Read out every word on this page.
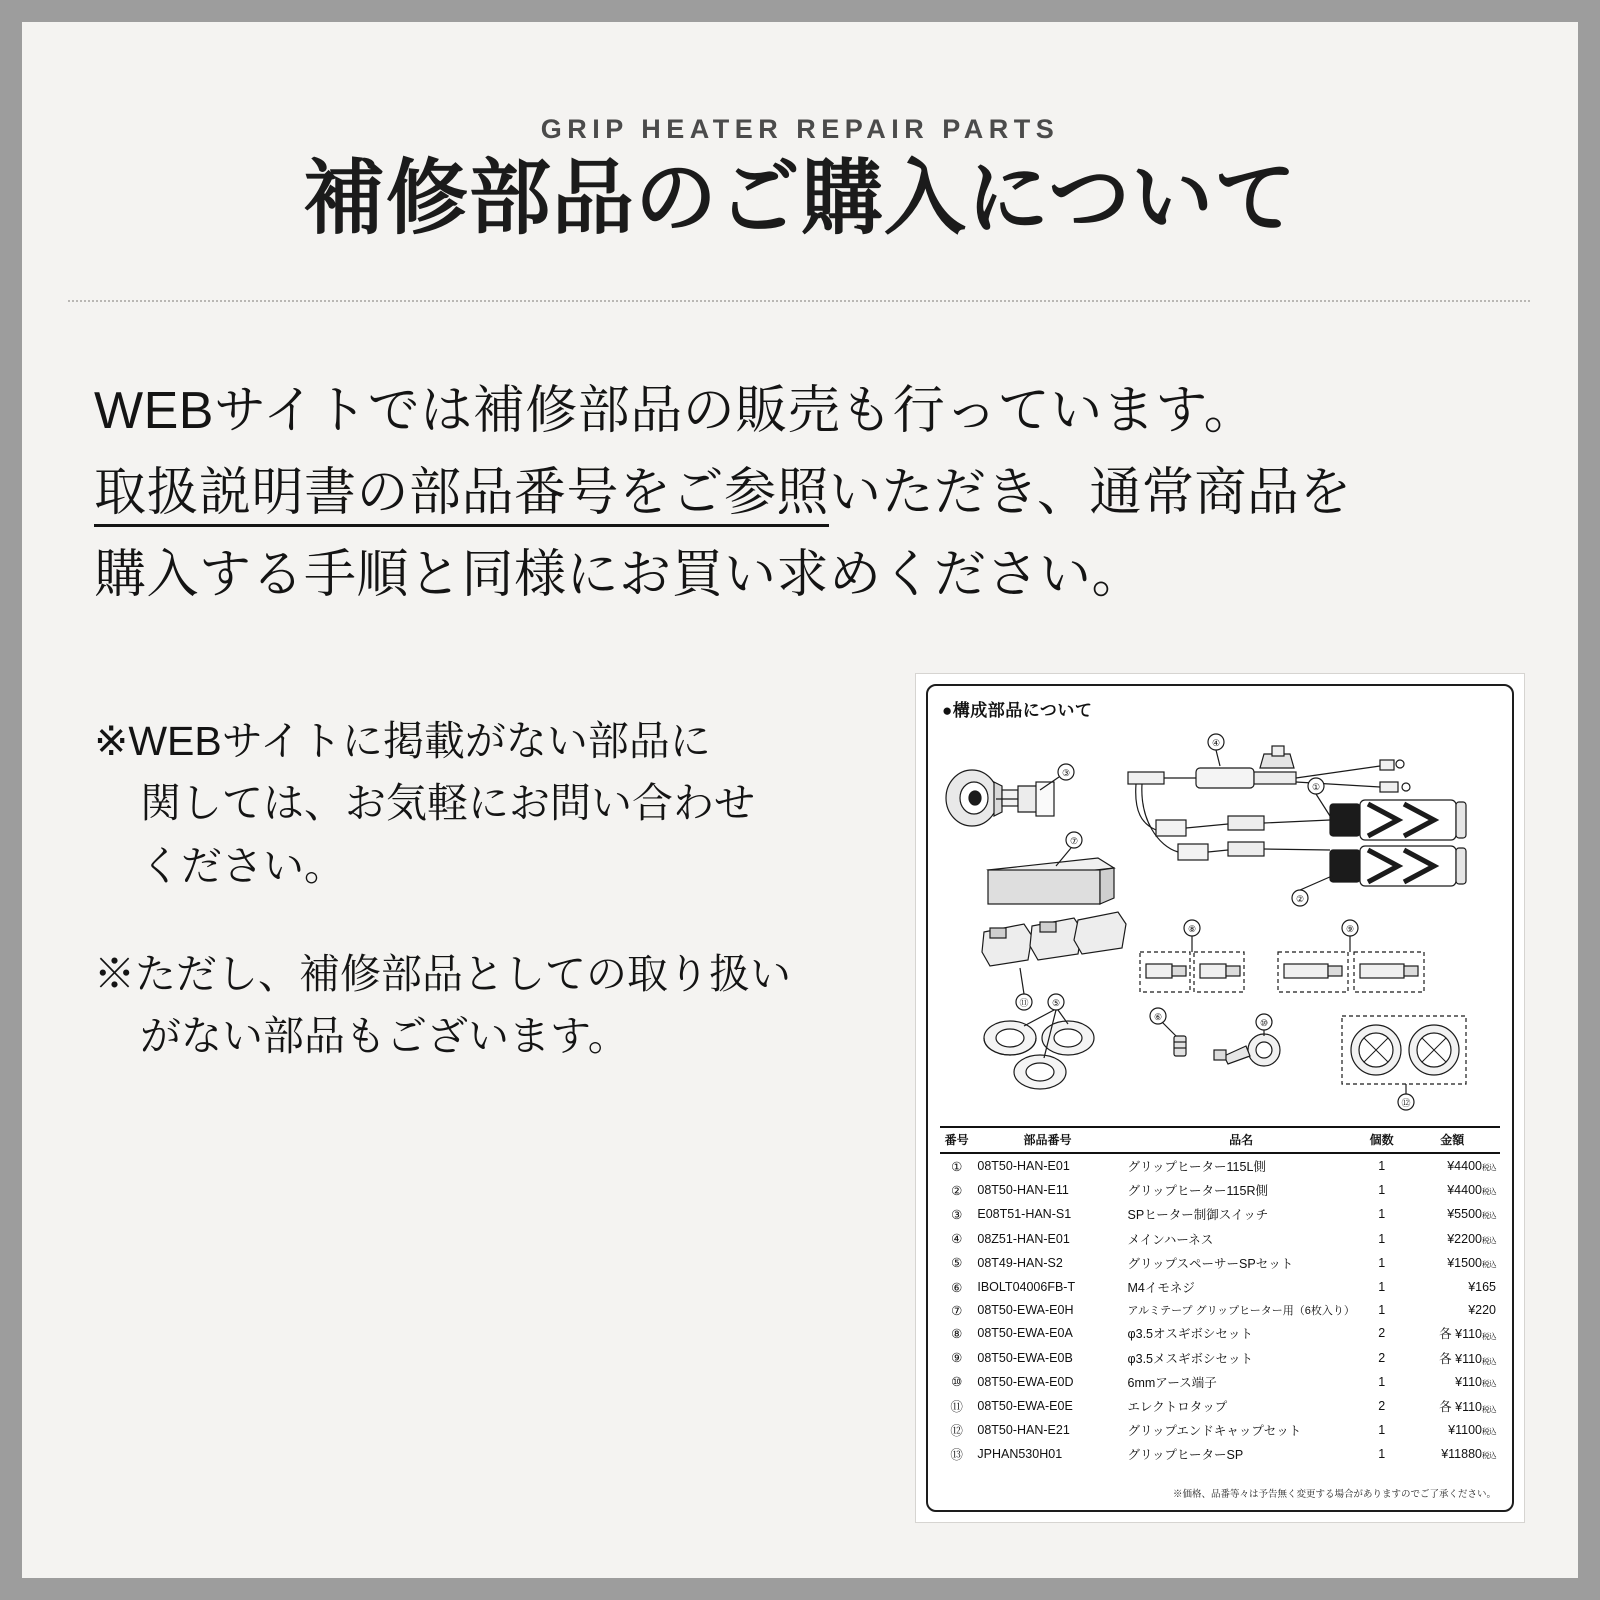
GRIP HEATER REPAIR PARTS
補修部品のご購入について
WEBサイトでは補修部品の販売も行っています。
取扱説明書の部品番号をご参照いただき、通常商品を
購入する手順と同様にお買い求めください。
※WEBサイトに掲載がない部品に
関しては、お気軽にお問い合わせ
ください。
※ただし、補修部品としての取り扱い
がない部品もございます。
●構成部品について
③
④
①
②
⑦
⑪	⑤
⑧	⑨
⑥
⑩
⑫
番号	部品番号	品名	個数	金額
①	08T50-HAN-E01	グリップヒーター115L側	1	¥4400税込
②	08T50-HAN-E11	グリップヒーター115R側	1	¥4400税込
③	E08T51-HAN-S1	SPヒーター制御スイッチ	1	¥5500税込
④	08Z51-HAN-E01	メインハーネス	1	¥2200税込
⑤	08T49-HAN-S2	グリップスペーサーSPセット	1	¥1500税込
⑥	IBOLT04006FB-T	M4イモネジ	1	¥165
⑦	08T50-EWA-E0H	アルミテープ グリップヒーター用（6枚入り）	1	¥220
⑧	08T50-EWA-E0A	φ3.5オスギボシセット	2	各 ¥110税込
⑨	08T50-EWA-E0B	φ3.5メスギボシセット	2	各 ¥110税込
⑩	08T50-EWA-E0D	6mmアース端子	1	¥110税込
⑪	08T50-EWA-E0E	エレクトロタップ	2	各 ¥110税込
⑫	08T50-HAN-E21	グリップエンドキャップセット	1	¥1100税込
⑬	JPHAN530H01	グリップヒーターSP	1	¥11880税込
※価格、品番等々は予告無く変更する場合がありますのでご了承ください。
